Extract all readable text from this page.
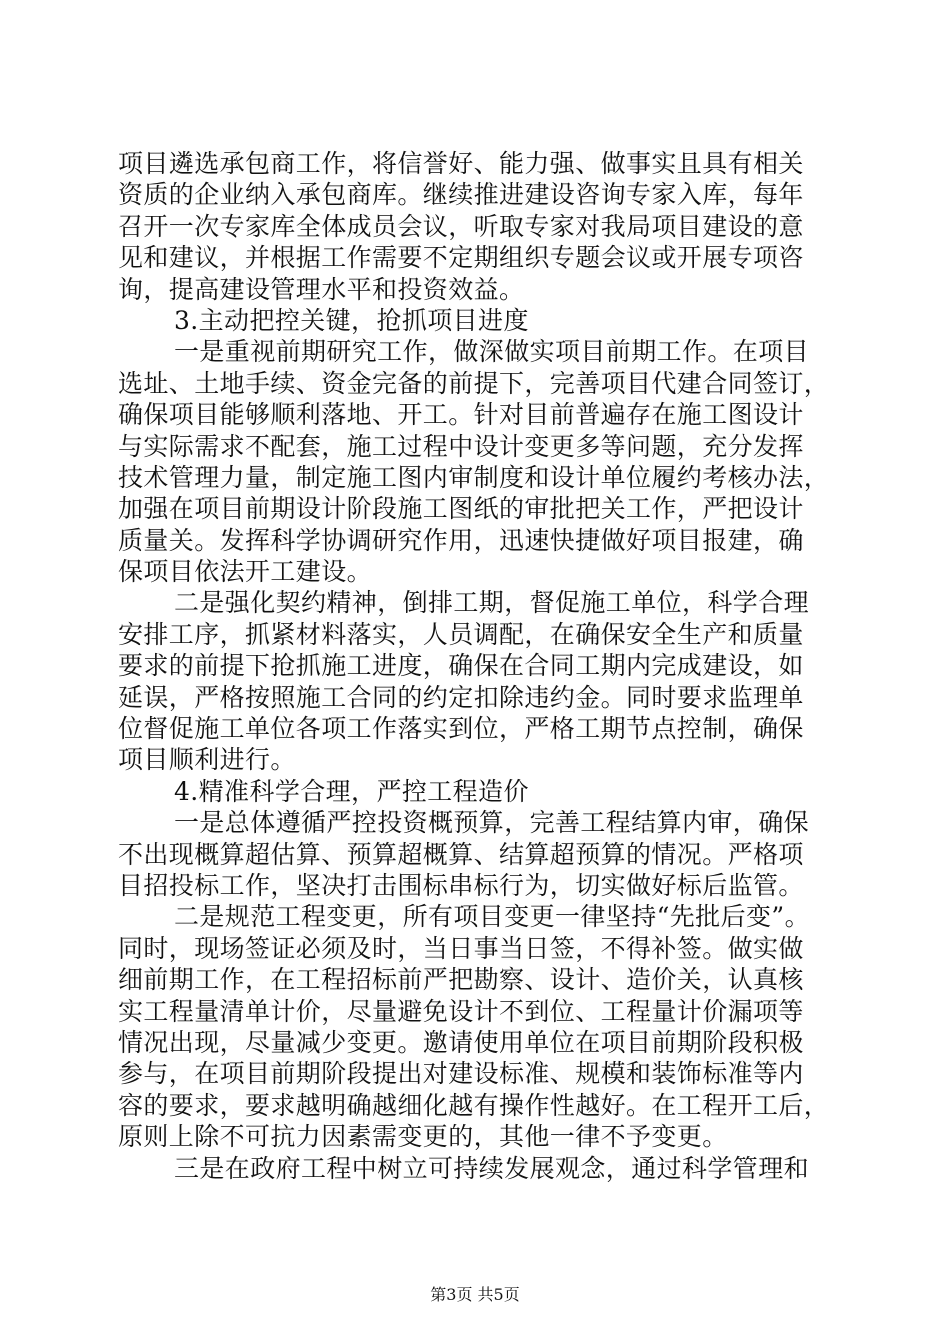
项目遴选承包商工作，将信誉好、能力强、做事实且具有相关
资质的企业纳入承包商库。继续推进建设咨询专家入库，每年
召开一次专家库全体成员会议，听取专家对我局项目建设的意
见和建议，并根据工作需要不定期组织专题会议或开展专项咨
询，提高建设管理水平和投资效益。
3.主动把控关键，抢抓项目进度
一是重视前期研究工作，做深做实项目前期工作。在项目
选址、土地手续、资金完备的前提下，完善项目代建合同签订，
确保项目能够顺利落地、开工。针对目前普遍存在施工图设计
与实际需求不配套，施工过程中设计变更多等问题，充分发挥
技术管理力量，制定施工图内审制度和设计单位履约考核办法，
加强在项目前期设计阶段施工图纸的审批把关工作，严把设计
质量关。发挥科学协调研究作用，迅速快捷做好项目报建，确
保项目依法开工建设。
二是强化契约精神，倒排工期，督促施工单位，科学合理
安排工序，抓紧材料落实，人员调配，在确保安全生产和质量
要求的前提下抢抓施工进度，确保在合同工期内完成建设，如
延误，严格按照施工合同的约定扣除违约金。同时要求监理单
位督促施工单位各项工作落实到位，严格工期节点控制，确保
项目顺利进行。
4.精准科学合理，严控工程造价
一是总体遵循严控投资概预算，完善工程结算内审，确保
不出现概算超估算、预算超概算、结算超预算的情况。严格项
目招投标工作，坚决打击围标串标行为，切实做好标后监管。
二是规范工程变更，所有项目变更一律坚持“先批后变”。
同时，现场签证必须及时，当日事当日签，不得补签。做实做
细前期工作，在工程招标前严把勘察、设计、造价关，认真核
实工程量清单计价，尽量避免设计不到位、工程量计价漏项等
情况出现，尽量减少变更。邀请使用单位在项目前期阶段积极
参与，在项目前期阶段提出对建设标准、规模和装饰标准等内
容的要求，要求越明确越细化越有操作性越好。在工程开工后，
原则上除不可抗力因素需变更的，其他一律不予变更。
三是在政府工程中树立可持续发展观念，通过科学管理和
第3页 共5页
